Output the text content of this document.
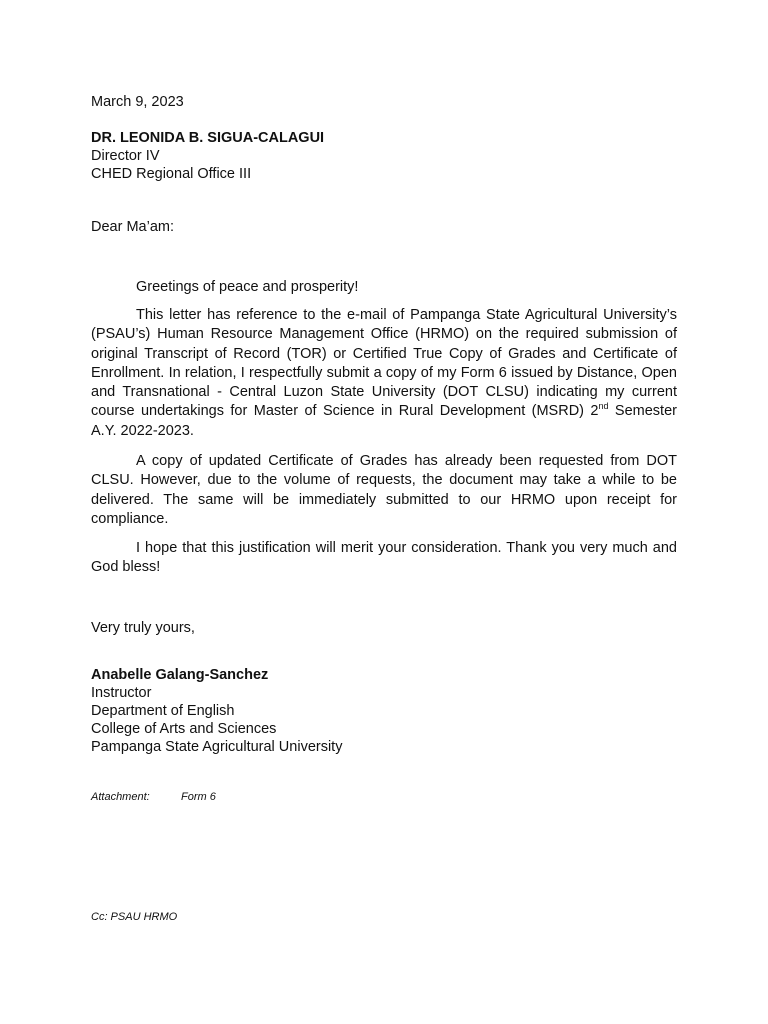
March 9, 2023
DR. LEONIDA B. SIGUA-CALAGUI
Director IV
CHED Regional Office III
Dear Ma’am:
Greetings of peace and prosperity!
This letter has reference to the e-mail of Pampanga State Agricultural University’s (PSAU’s) Human Resource Management Office (HRMO) on the required submission of original Transcript of Record (TOR) or Certified True Copy of Grades and Certificate of Enrollment. In relation, I respectfully submit a copy of my Form 6 issued by Distance, Open and Transnational - Central Luzon State University (DOT CLSU) indicating my current course undertakings for Master of Science in Rural Development (MSRD) 2nd Semester A.Y. 2022-2023.
A copy of updated Certificate of Grades has already been requested from DOT CLSU. However, due to the volume of requests, the document may take a while to be delivered. The same will be immediately submitted to our HRMO upon receipt for compliance.
I hope that this justification will merit your consideration. Thank you very much and God bless!
Very truly yours,
Anabelle Galang-Sanchez
Instructor
Department of English
College of Arts and Sciences
Pampanga State Agricultural University
Attachment:	Form 6
Cc: PSAU HRMO
